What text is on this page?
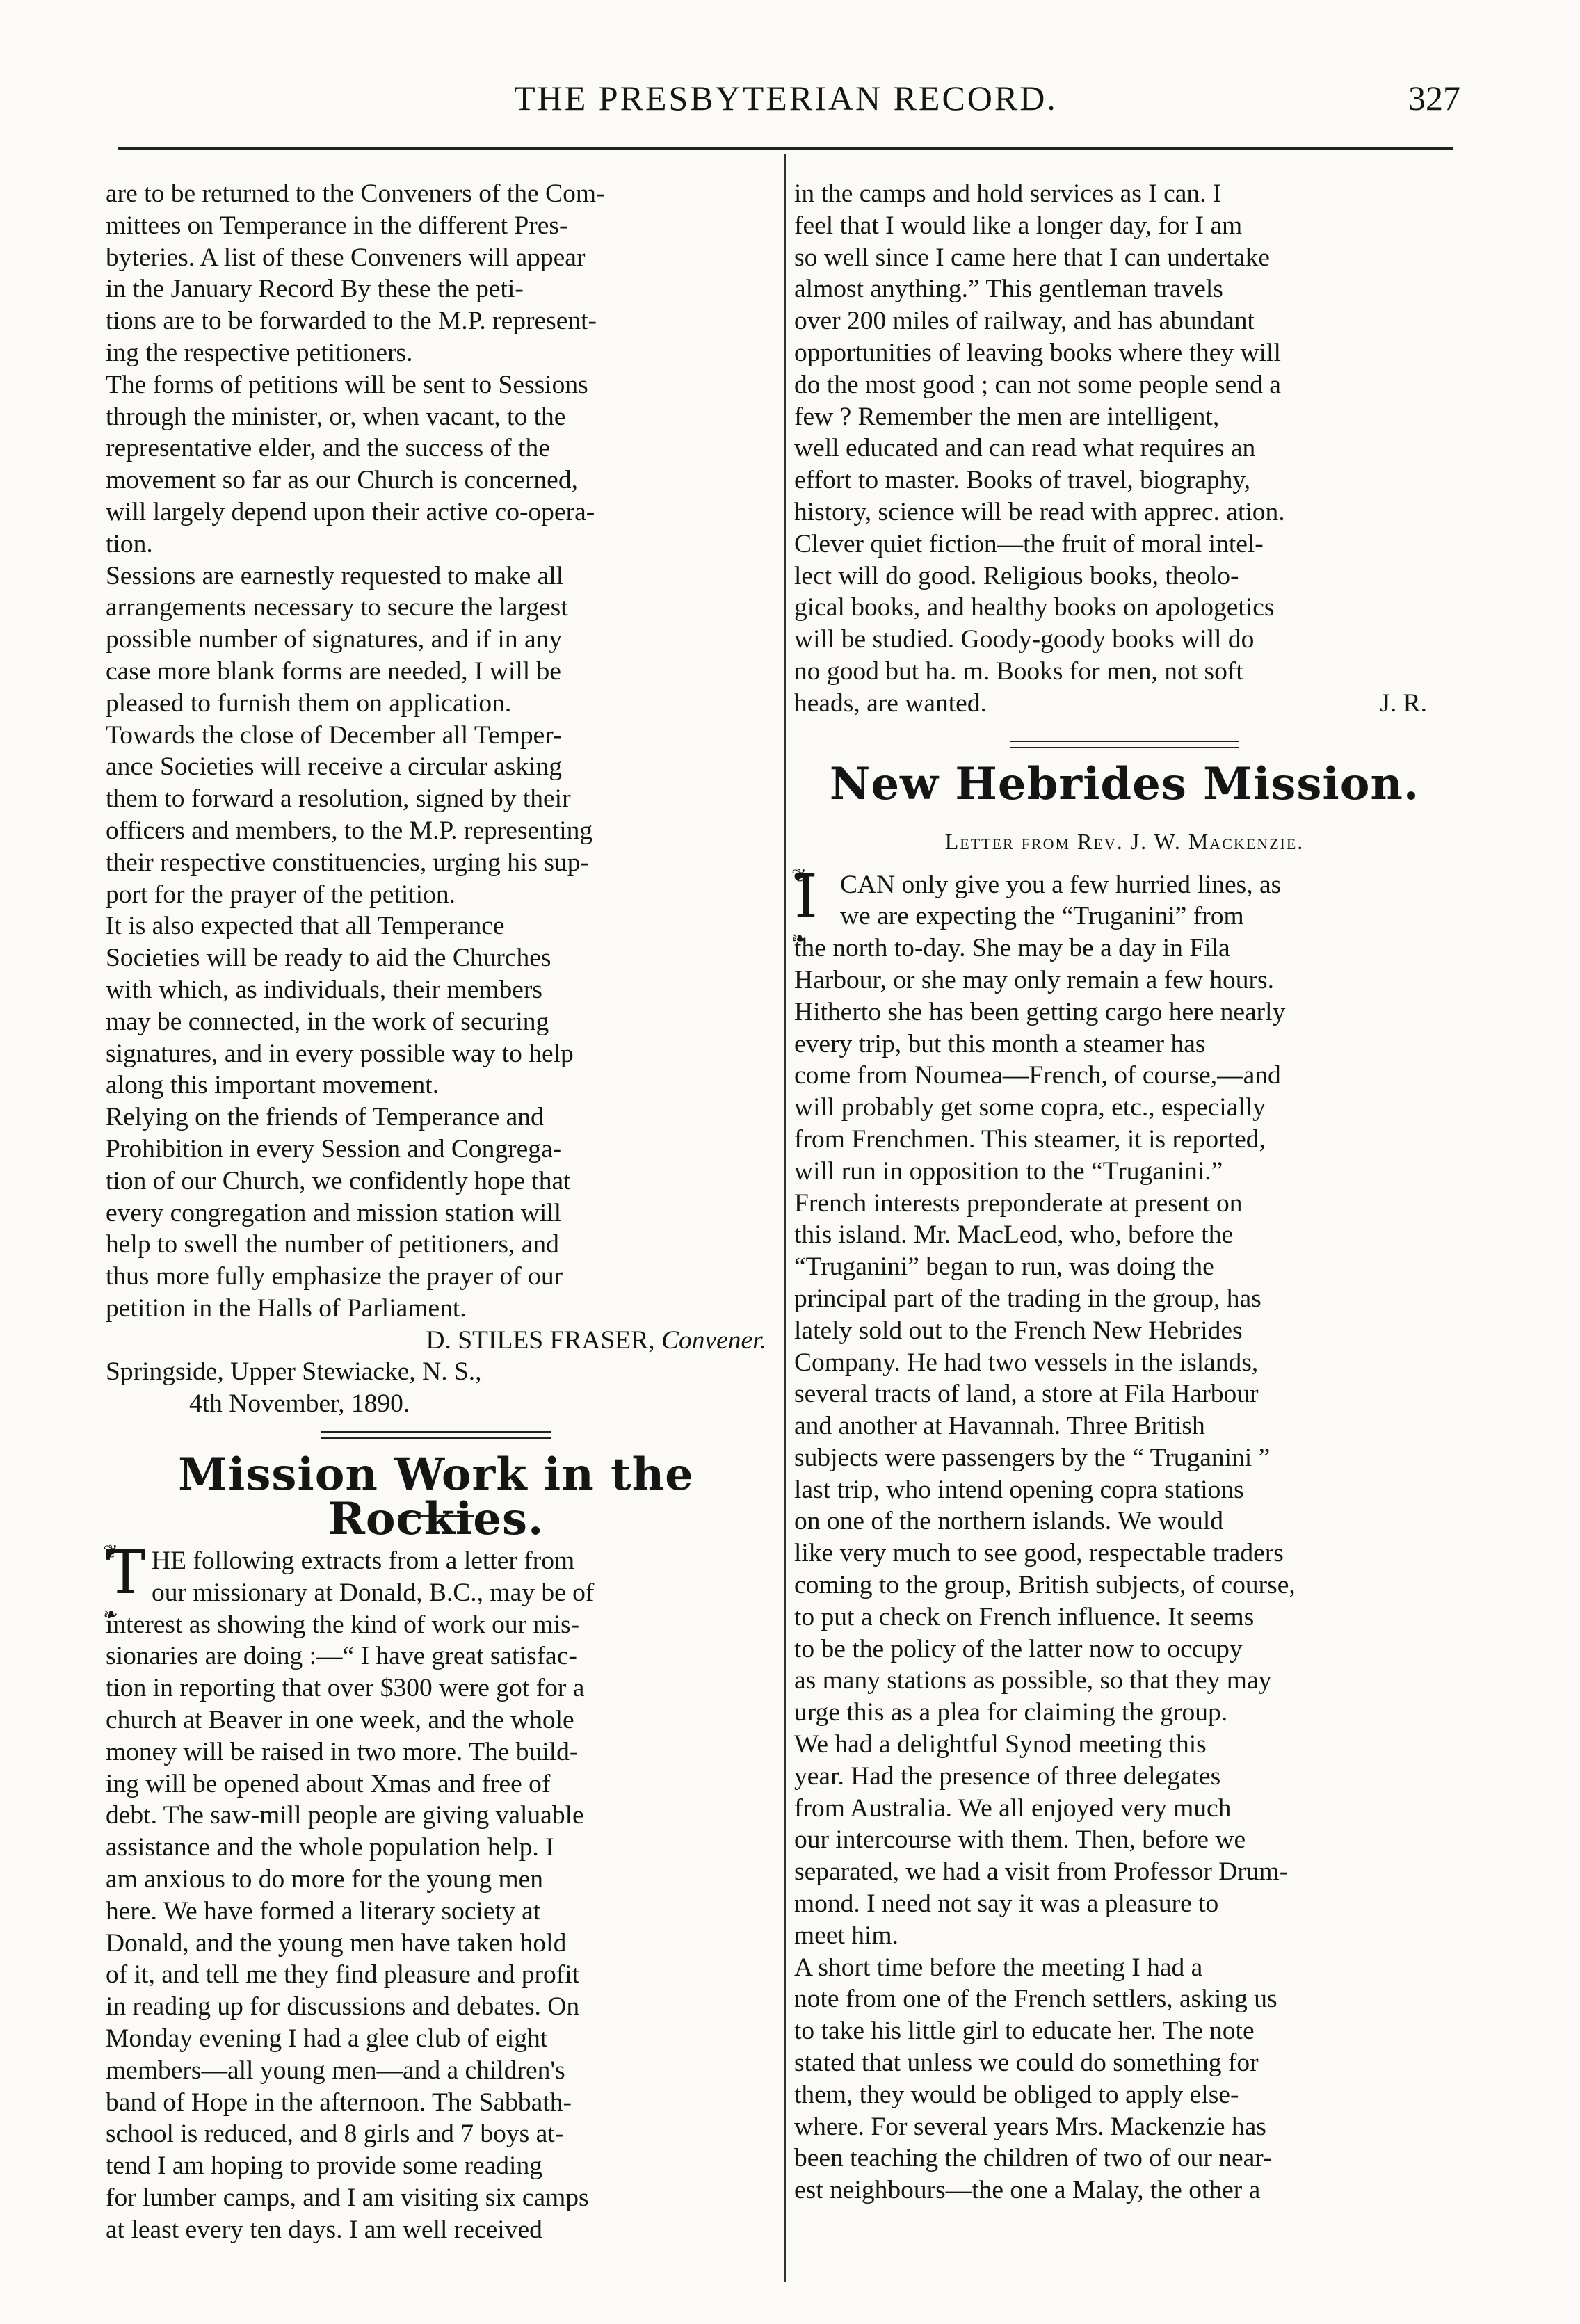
THE PRESBYTERIAN RECORD.	327
are to be returned to the Conveners of the Com-
mittees on Temperance in the different Pres-
byteries. A list of these Conveners will appear
in the January Record By these the peti-
tions are to be forwarded to the M.P. represent-
ing the respective petitioners.
The forms of petitions will be sent to Sessions
through the minister, or, when vacant, to the
representative elder, and the success of the
movement so far as our Church is concerned,
will largely depend upon their active co-opera-
tion.
Sessions are earnestly requested to make all
arrangements necessary to secure the largest
possible number of signatures, and if in any
case more blank forms are needed, I will be
pleased to furnish them on application.
Towards the close of December all Temper-
ance Societies will receive a circular asking
them to forward a resolution, signed by their
officers and members, to the M.P. representing
their respective constituencies, urging his sup-
port for the prayer of the petition.
It is also expected that all Temperance
Societies will be ready to aid the Churches
with which, as individuals, their members
may be connected, in the work of securing
signatures, and in every possible way to help
along this important movement.
Relying on the friends of Temperance and
Prohibition in every Session and Congrega-
tion of our Church, we confidently hope that
every congregation and mission station will
help to swell the number of petitioners, and
thus more fully emphasize the prayer of our
petition in the Halls of Parliament.
D. STILES FRASER, Convener.
Springside, Upper Stewiacke, N. S.,
4th November, 1890.
Mission Work in the Rockies.
❦ T ❧ HE following extracts from a letter from
our missionary at Donald, B.C., may be of
interest as showing the kind of work our mis-
sionaries are doing :—“ I have great satisfac-
tion in reporting that over $300 were got for a
church at Beaver in one week, and the whole
money will be raised in two more. The build-
ing will be opened about Xmas and free of
debt. The saw-mill people are giving valuable
assistance and the whole population help. I
am anxious to do more for the young men
here. We have formed a literary society at
Donald, and the young men have taken hold
of it, and tell me they find pleasure and profit
in reading up for discussions and debates. On
Monday evening I had a glee club of eight
members—all young men—and a children's
band of Hope in the afternoon. The Sabbath-
school is reduced, and 8 girls and 7 boys at-
tend I am hoping to provide some reading
for lumber camps, and I am visiting six camps
at least every ten days. I am well received
in the camps and hold services as I can. I
feel that I would like a longer day, for I am
so well since I came here that I can undertake
almost anything.” This gentleman travels
over 200 miles of railway, and has abundant
opportunities of leaving books where they will
do the most good ; can not some people send a
few ? Remember the men are intelligent,
well educated and can read what requires an
effort to master. Books of travel, biography,
history, science will be read with apprec. ation.
Clever quiet fiction—the fruit of moral intel-
lect will do good. Religious books, theolo-
gical books, and healthy books on apologetics
will be studied. Goody-goody books will do
no good but ha. m. Books for men, not soft
heads, are wanted.	J. R.
New Hebrides Mission.
Letter from Rev. J. W. Mackenzie.
❦ I ❧ CAN only give you a few hurried lines, as
we are expecting the “Truganini” from
the north to-day. She may be a day in Fila
Harbour, or she may only remain a few hours.
Hitherto she has been getting cargo here nearly
every trip, but this month a steamer has
come from Noumea—French, of course,—and
will probably get some copra, etc., especially
from Frenchmen. This steamer, it is reported,
will run in opposition to the “Truganini.”
French interests preponderate at present on
this island. Mr. MacLeod, who, before the
“Truganini” began to run, was doing the
principal part of the trading in the group, has
lately sold out to the French New Hebrides
Company. He had two vessels in the islands,
several tracts of land, a store at Fila Harbour
and another at Havannah. Three British
subjects were passengers by the “ Truganini ”
last trip, who intend opening copra stations
on one of the northern islands. We would
like very much to see good, respectable traders
coming to the group, British subjects, of course,
to put a check on French influence. It seems
to be the policy of the latter now to occupy
as many stations as possible, so that they may
urge this as a plea for claiming the group.
We had a delightful Synod meeting this
year. Had the presence of three delegates
from Australia. We all enjoyed very much
our intercourse with them. Then, before we
separated, we had a visit from Professor Drum-
mond. I need not say it was a pleasure to
meet him.
A short time before the meeting I had a
note from one of the French settlers, asking us
to take his little girl to educate her. The note
stated that unless we could do something for
them, they would be obliged to apply else-
where. For several years Mrs. Mackenzie has
been teaching the children of two of our near-
est neighbours—the one a Malay, the other a
